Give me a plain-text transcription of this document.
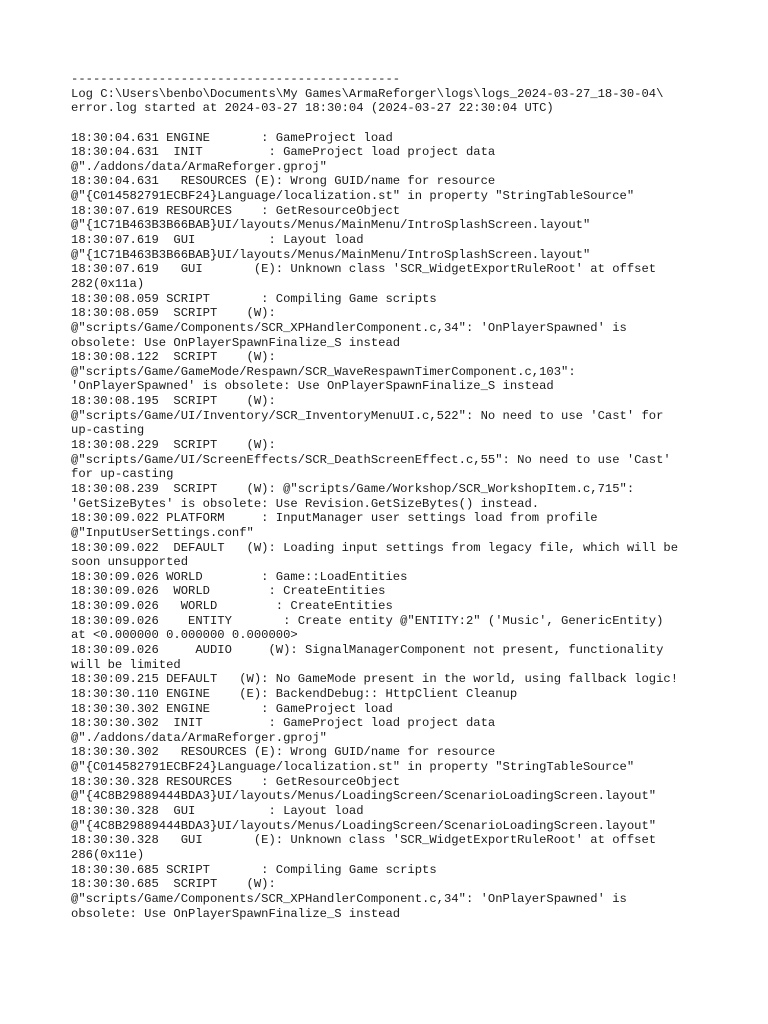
---------------------------------------------
Log C:\Users\benbo\Documents\My Games\ArmaReforger\logs\logs_2024-03-27_18-30-04\
error.log started at 2024-03-27 18:30:04 (2024-03-27 22:30:04 UTC)
18:30:04.631 ENGINE       : GameProject load
18:30:04.631  INIT         : GameProject load project data
@"./addons/data/ArmaReforger.gproj"
18:30:04.631   RESOURCES (E): Wrong GUID/name for resource
@"{C014582791ECBF24}Language/localization.st" in property "StringTableSource"
18:30:07.619 RESOURCES    : GetResourceObject
@"{1C71B463B3B66BAB}UI/layouts/Menus/MainMenu/IntroSplashScreen.layout"
18:30:07.619  GUI          : Layout load
@"{1C71B463B3B66BAB}UI/layouts/Menus/MainMenu/IntroSplashScreen.layout"
18:30:07.619   GUI       (E): Unknown class 'SCR_WidgetExportRuleRoot' at offset
282(0x11a)
18:30:08.059 SCRIPT       : Compiling Game scripts
18:30:08.059  SCRIPT    (W):
@"scripts/Game/Components/SCR_XPHandlerComponent.c,34": 'OnPlayerSpawned' is
obsolete: Use OnPlayerSpawnFinalize_S instead
18:30:08.122  SCRIPT    (W):
@"scripts/Game/GameMode/Respawn/SCR_WaveRespawnTimerComponent.c,103":
'OnPlayerSpawned' is obsolete: Use OnPlayerSpawnFinalize_S instead
18:30:08.195  SCRIPT    (W):
@"scripts/Game/UI/Inventory/SCR_InventoryMenuUI.c,522": No need to use 'Cast' for
up-casting
18:30:08.229  SCRIPT    (W):
@"scripts/Game/UI/ScreenEffects/SCR_DeathScreenEffect.c,55": No need to use 'Cast'
for up-casting
18:30:08.239  SCRIPT    (W): @"scripts/Game/Workshop/SCR_WorkshopItem.c,715":
'GetSizeBytes' is obsolete: Use Revision.GetSizeBytes() instead.
18:30:09.022 PLATFORM     : InputManager user settings load from profile
@"InputUserSettings.conf"
18:30:09.022  DEFAULT   (W): Loading input settings from legacy file, which will be
soon unsupported
18:30:09.026 WORLD        : Game::LoadEntities
18:30:09.026  WORLD        : CreateEntities
18:30:09.026   WORLD        : CreateEntities
18:30:09.026    ENTITY       : Create entity @"ENTITY:2" ('Music', GenericEntity)
at <0.000000 0.000000 0.000000>
18:30:09.026     AUDIO     (W): SignalManagerComponent not present, functionality
will be limited
18:30:09.215 DEFAULT   (W): No GameMode present in the world, using fallback logic!
18:30:30.110 ENGINE    (E): BackendDebug:: HttpClient Cleanup
18:30:30.302 ENGINE       : GameProject load
18:30:30.302  INIT         : GameProject load project data
@"./addons/data/ArmaReforger.gproj"
18:30:30.302   RESOURCES (E): Wrong GUID/name for resource
@"{C014582791ECBF24}Language/localization.st" in property "StringTableSource"
18:30:30.328 RESOURCES    : GetResourceObject
@"{4C8B29889444BDA3}UI/layouts/Menus/LoadingScreen/ScenarioLoadingScreen.layout"
18:30:30.328  GUI          : Layout load
@"{4C8B29889444BDA3}UI/layouts/Menus/LoadingScreen/ScenarioLoadingScreen.layout"
18:30:30.328   GUI       (E): Unknown class 'SCR_WidgetExportRuleRoot' at offset
286(0x11e)
18:30:30.685 SCRIPT       : Compiling Game scripts
18:30:30.685  SCRIPT    (W):
@"scripts/Game/Components/SCR_XPHandlerComponent.c,34": 'OnPlayerSpawned' is
obsolete: Use OnPlayerSpawnFinalize_S instead
